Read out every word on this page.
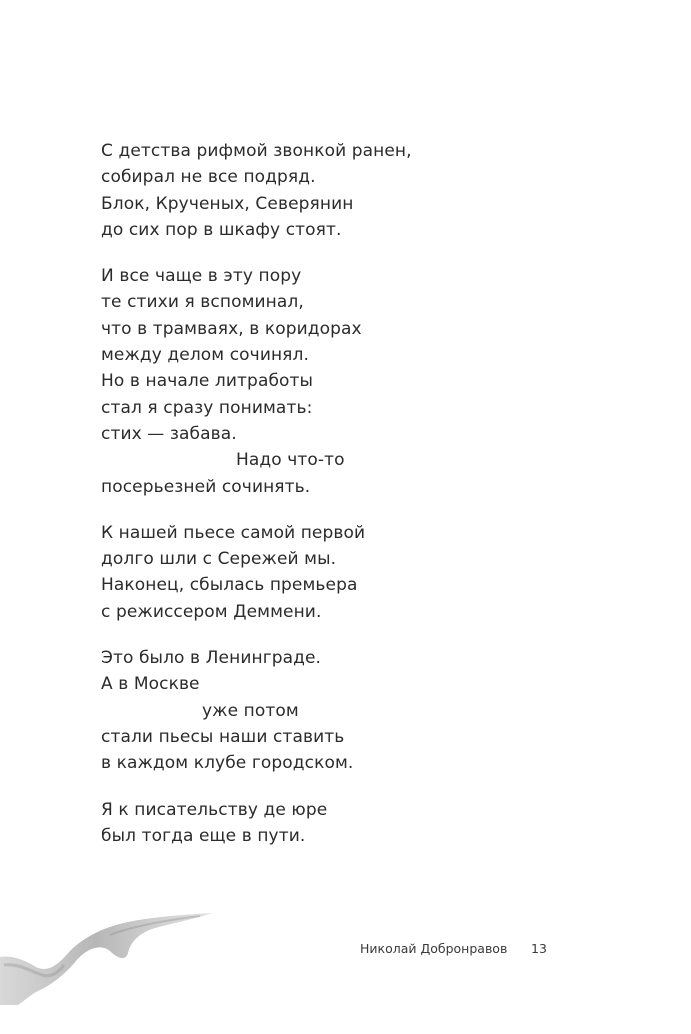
С детства рифмой звонкой ранен,
собирал не все подряд.
Блок, Крученых, Северянин
до сих пор в шкафу стоят.
И все чаще в эту пору
те стихи я вспоминал,
что в трамваях, в коридорах
между делом сочинял.
Но в начале литработы
стал я сразу понимать:
стих — забава.
Надо что-то
посерьезней сочинять.
К нашей пьесе самой первой
долго шли с Сережей мы.
Наконец, сбылась премьера
с режиссером Деммени.
Это было в Ленинграде.
А в Москве
уже потом
стали пьесы наши ставить
в каждом клубе городском.
Я к писательству де юре
был тогда еще в пути.
Николай Добронравов 13
